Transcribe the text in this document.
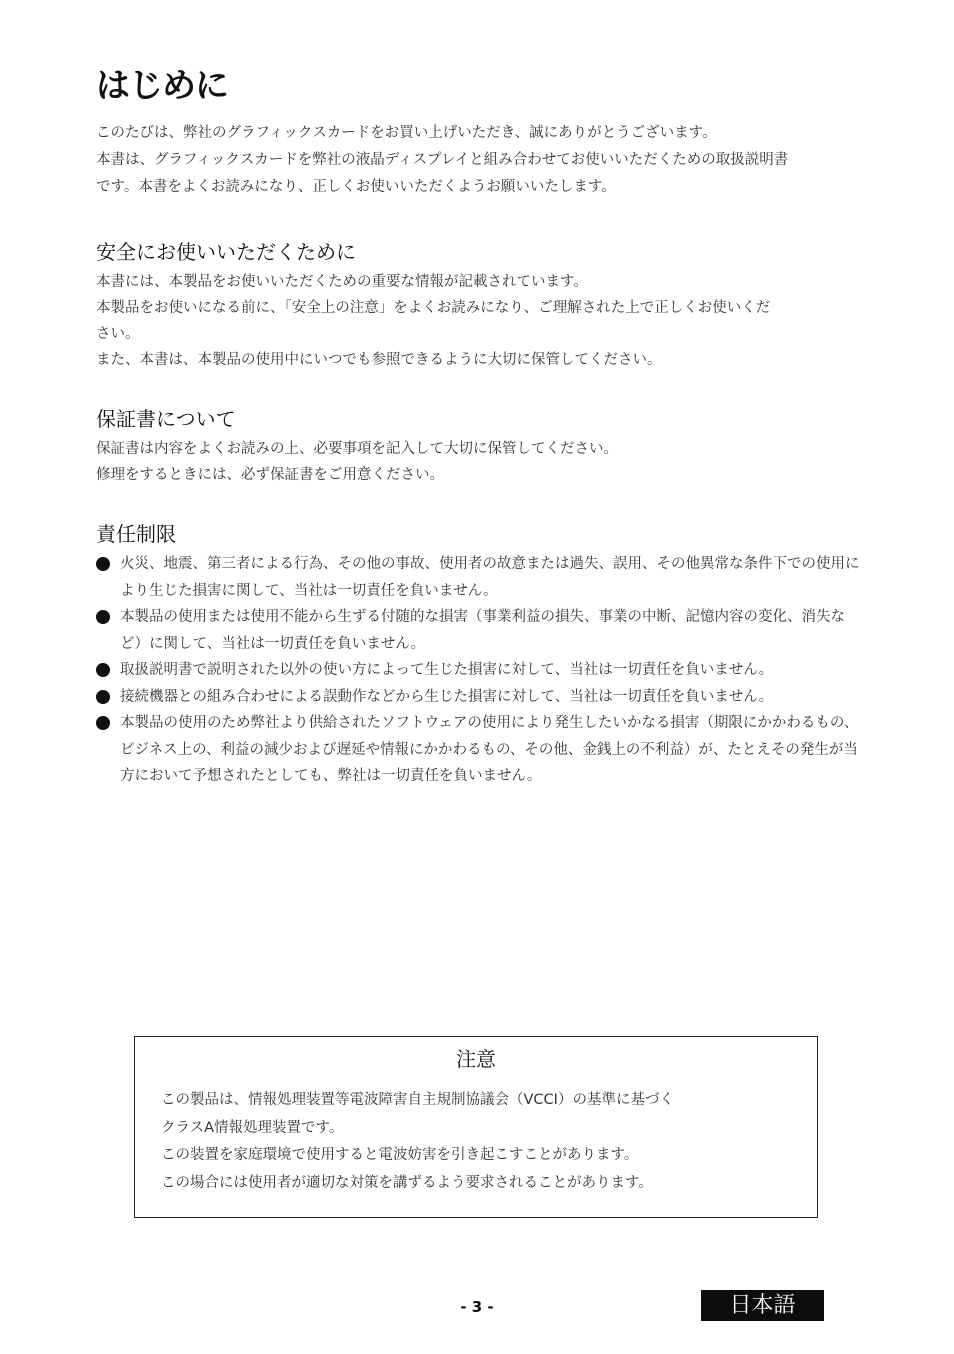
はじめに

このたびは、弊社のグラフィックスカードをお買い上げいただき、誠にありがとうございます。

本書は、グラフィックスカードを弊社の液晶ディスプレイと組み合わせてお使いいただくための取扱説明書

です。本書をよくお読みになり、正しくお使いいただくようお願いいたします。

安全にお使いいただくために

本書には、本製品をお使いいただくための重要な情報が記載されています。

本製品をお使いになる前に、「安全上の注意」をよくお読みになり、ご理解された上で正しくお使いくだ

さい。

また、本書は、本製品の使用中にいつでも参照できるように大切に保管してください。

保証書について

保証書は内容をよくお読みの上、必要事項を記入して大切に保管してください。

修理をするときには、必ず保証書をご用意ください。

責任制限
火災、地震、第三者による行為、その他の事故、使用者の故意または過失、誤用、その他異常な条件下での使用により生じた損害に関して、当社は一切責任を負いません。
本製品の使用または使用不能から生ずる付随的な損害（事業利益の損失、事業の中断、記憶内容の変化、消失など）に関して、当社は一切責任を負いません。
取扱説明書で説明された以外の使い方によって生じた損害に対して、当社は一切責任を負いません。
接続機器との組み合わせによる誤動作などから生じた損害に対して、当社は一切責任を負いません。
本製品の使用のため弊社より供給されたソフトウェアの使用により発生したいかなる損害（期限にかかわるもの、ビジネス上の、利益の減少および遅延や情報にかかわるもの、その他、金銭上の不利益）が、たとえその発生が当方において予想されたとしても、弊社は一切責任を負いません。
注意

この製品は、情報処理装置等電波障害自主規制協議会（VCCI）の基準に基づく

クラスA情報処理装置です。

この装置を家庭環境で使用すると電波妨害を引き起こすことがあります。

この場合には使用者が適切な対策を講ずるよう要求されることがあります。

- 3 -	日本語
